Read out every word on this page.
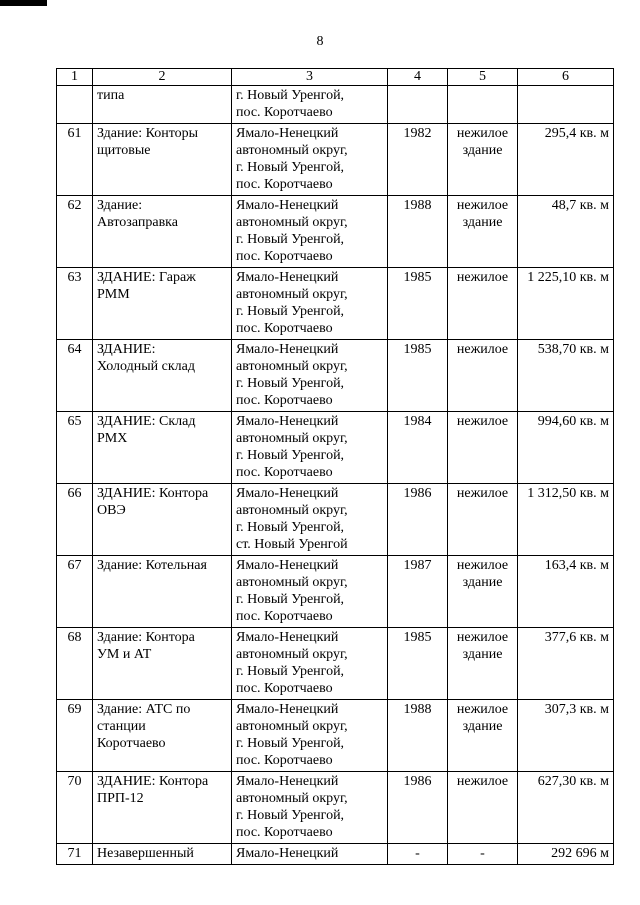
8
1	2	3	4	5	6

	типа	г. Новый Уренгой,
пос. Коротчаево			

61	Здание: Конторы
щитовые	Ямало-Ненецкий
автономный округ,
г. Новый Уренгой,
пос. Коротчаево	1982	нежилое
здание	295,4 кв. м
62	Здание:
Автозаправка	Ямало-Ненецкий
автономный округ,
г. Новый Уренгой,
пос. Коротчаево	1988	нежилое
здание	48,7 кв. м
63	ЗДАНИЕ: Гараж
РММ	Ямало-Ненецкий
автономный округ,
г. Новый Уренгой,
пос. Коротчаево	1985	нежилое	1 225,10 кв. м
64	ЗДАНИЕ:
Холодный склад	Ямало-Ненецкий
автономный округ,
г. Новый Уренгой,
пос. Коротчаево	1985	нежилое	538,70 кв. м
65	ЗДАНИЕ: Склад
РМХ	Ямало-Ненецкий
автономный округ,
г. Новый Уренгой,
пос. Коротчаево	1984	нежилое	994,60 кв. м
66	ЗДАНИЕ: Контора
ОВЭ	Ямало-Ненецкий
автономный округ,
г. Новый Уренгой,
ст. Новый Уренгой	1986	нежилое	1 312,50 кв. м
67	Здание: Котельная	Ямало-Ненецкий
автономный округ,
г. Новый Уренгой,
пос. Коротчаево	1987	нежилое
здание	163,4 кв. м
68	Здание: Контора
УМ и АТ	Ямало-Ненецкий
автономный округ,
г. Новый Уренгой,
пос. Коротчаево	1985	нежилое
здание	377,6 кв. м
69	Здание: АТС по
станции
Коротчаево	Ямало-Ненецкий
автономный округ,
г. Новый Уренгой,
пос. Коротчаево	1988	нежилое
здание	307,3 кв. м
70	ЗДАНИЕ: Контора
ПРП-12	Ямало-Ненецкий
автономный округ,
г. Новый Уренгой,
пос. Коротчаево	1986	нежилое	627,30 кв. м
71	Незавершенный	Ямало-Ненецкий	-	-	292 696 м
